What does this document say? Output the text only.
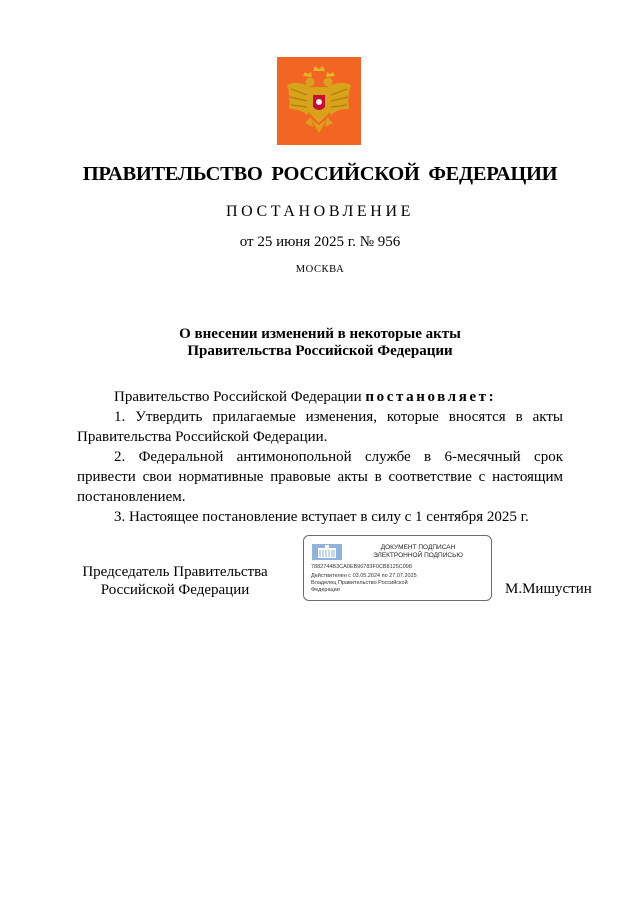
ПРАВИТЕЛЬСТВО РОССИЙСКОЙ ФЕДЕРАЦИИ
ПОСТАНОВЛЕНИЕ
от 25 июня 2025 г. № 956
МОСКВА
О внесении изменений в некоторые акты
Правительства Российской Федерации

Правительство Российской Федерации постановляет:

1. Утвердить прилагаемые изменения, которые вносятся в акты Правительства Российской Федерации.

2. Федеральной антимонопольной службе в 6-месячный срок привести свои нормативные правовые акты в соответствие с настоящим постановлением.

3. Настоящее постановление вступает в силу с 1 сентября 2025 г.

Председатель Правительства
Российской Федерации
ДОКУМЕНТ ПОДПИСАН
ЭЛЕКТРОННОЙ ПОДПИСЬЮ
7882744B3CA0EB96783F0CB8125C098
Действителен с 03.05.2024 по 27.07.2025
Владелец Правительство Российской
Федерации	М.Мишустин
